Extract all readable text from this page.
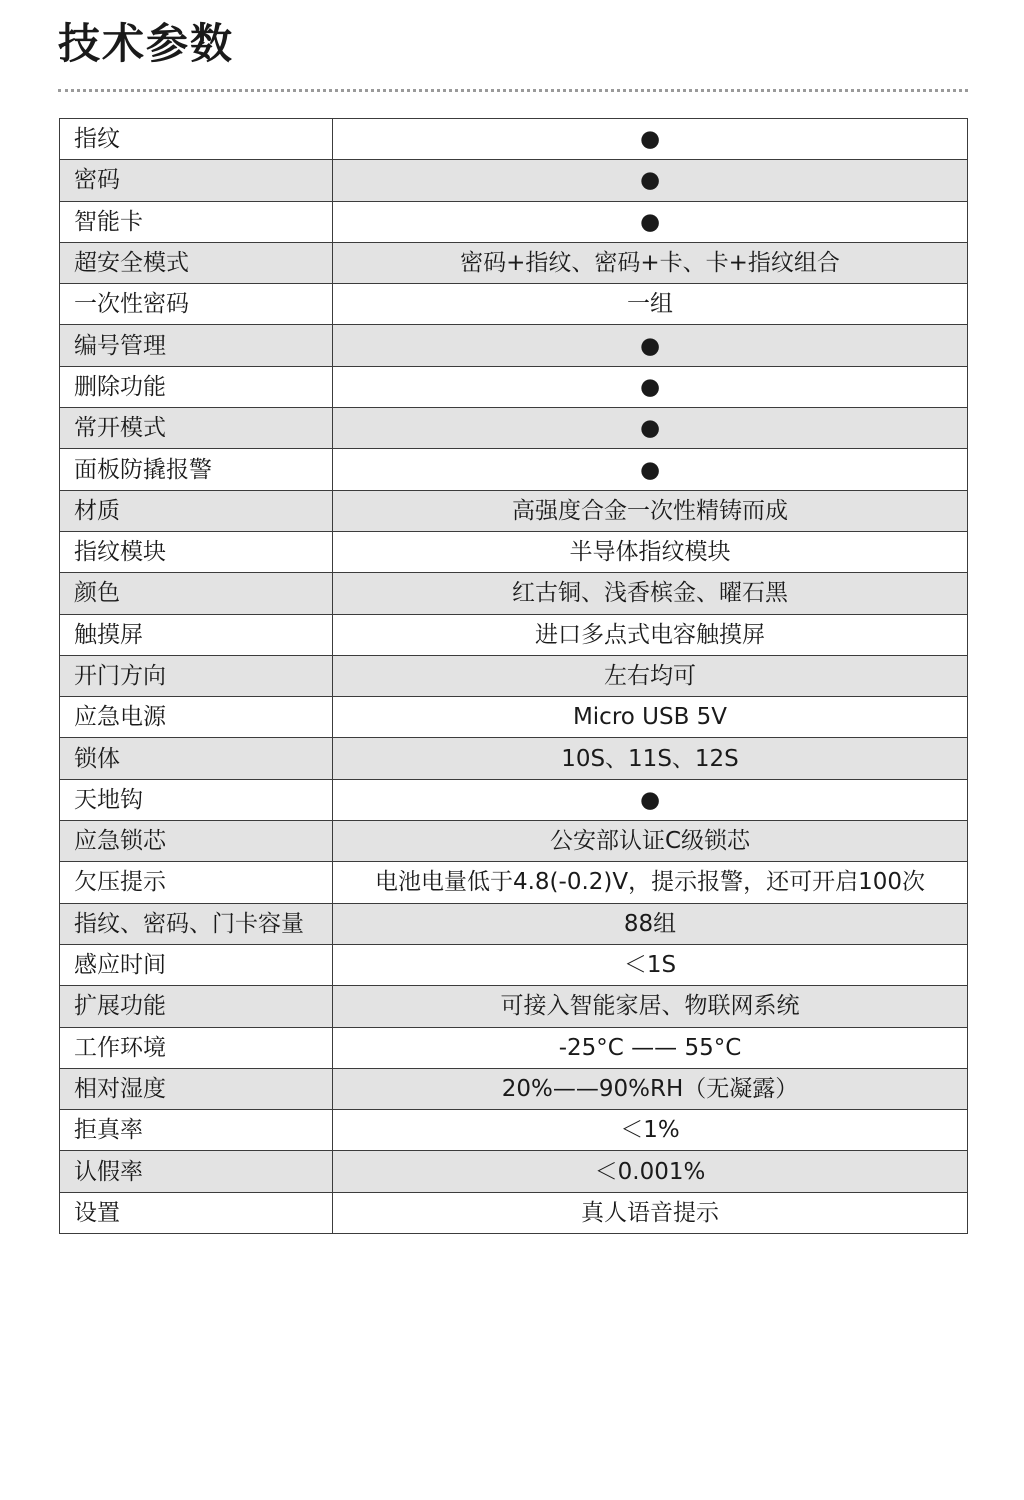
技术参数
指纹	●
密码	●
智能卡	●
超安全模式	密码+指纹、密码+卡、卡+指纹组合
一次性密码	一组
编号管理	●
删除功能	●
常开模式	●
面板防撬报警	●
材质	高强度合金一次性精铸而成
指纹模块	半导体指纹模块
颜色	红古铜、浅香槟金、曜石黑
触摸屏	进口多点式电容触摸屏
开门方向	左右均可
应急电源	Micro USB 5V
锁体	10S、11S、12S
天地钩	●
应急锁芯	公安部认证C级锁芯
欠压提示	电池电量低于4.8(-0.2)V，提示报警，还可开启100次
指纹、密码、门卡容量	88组
感应时间	＜1S
扩展功能	可接入智能家居、物联网系统
工作环境	-25°C —— 55°C
相对湿度	20%——90%RH（无凝露）
拒真率	＜1%
认假率	＜0.001%
设置	真人语音提示
